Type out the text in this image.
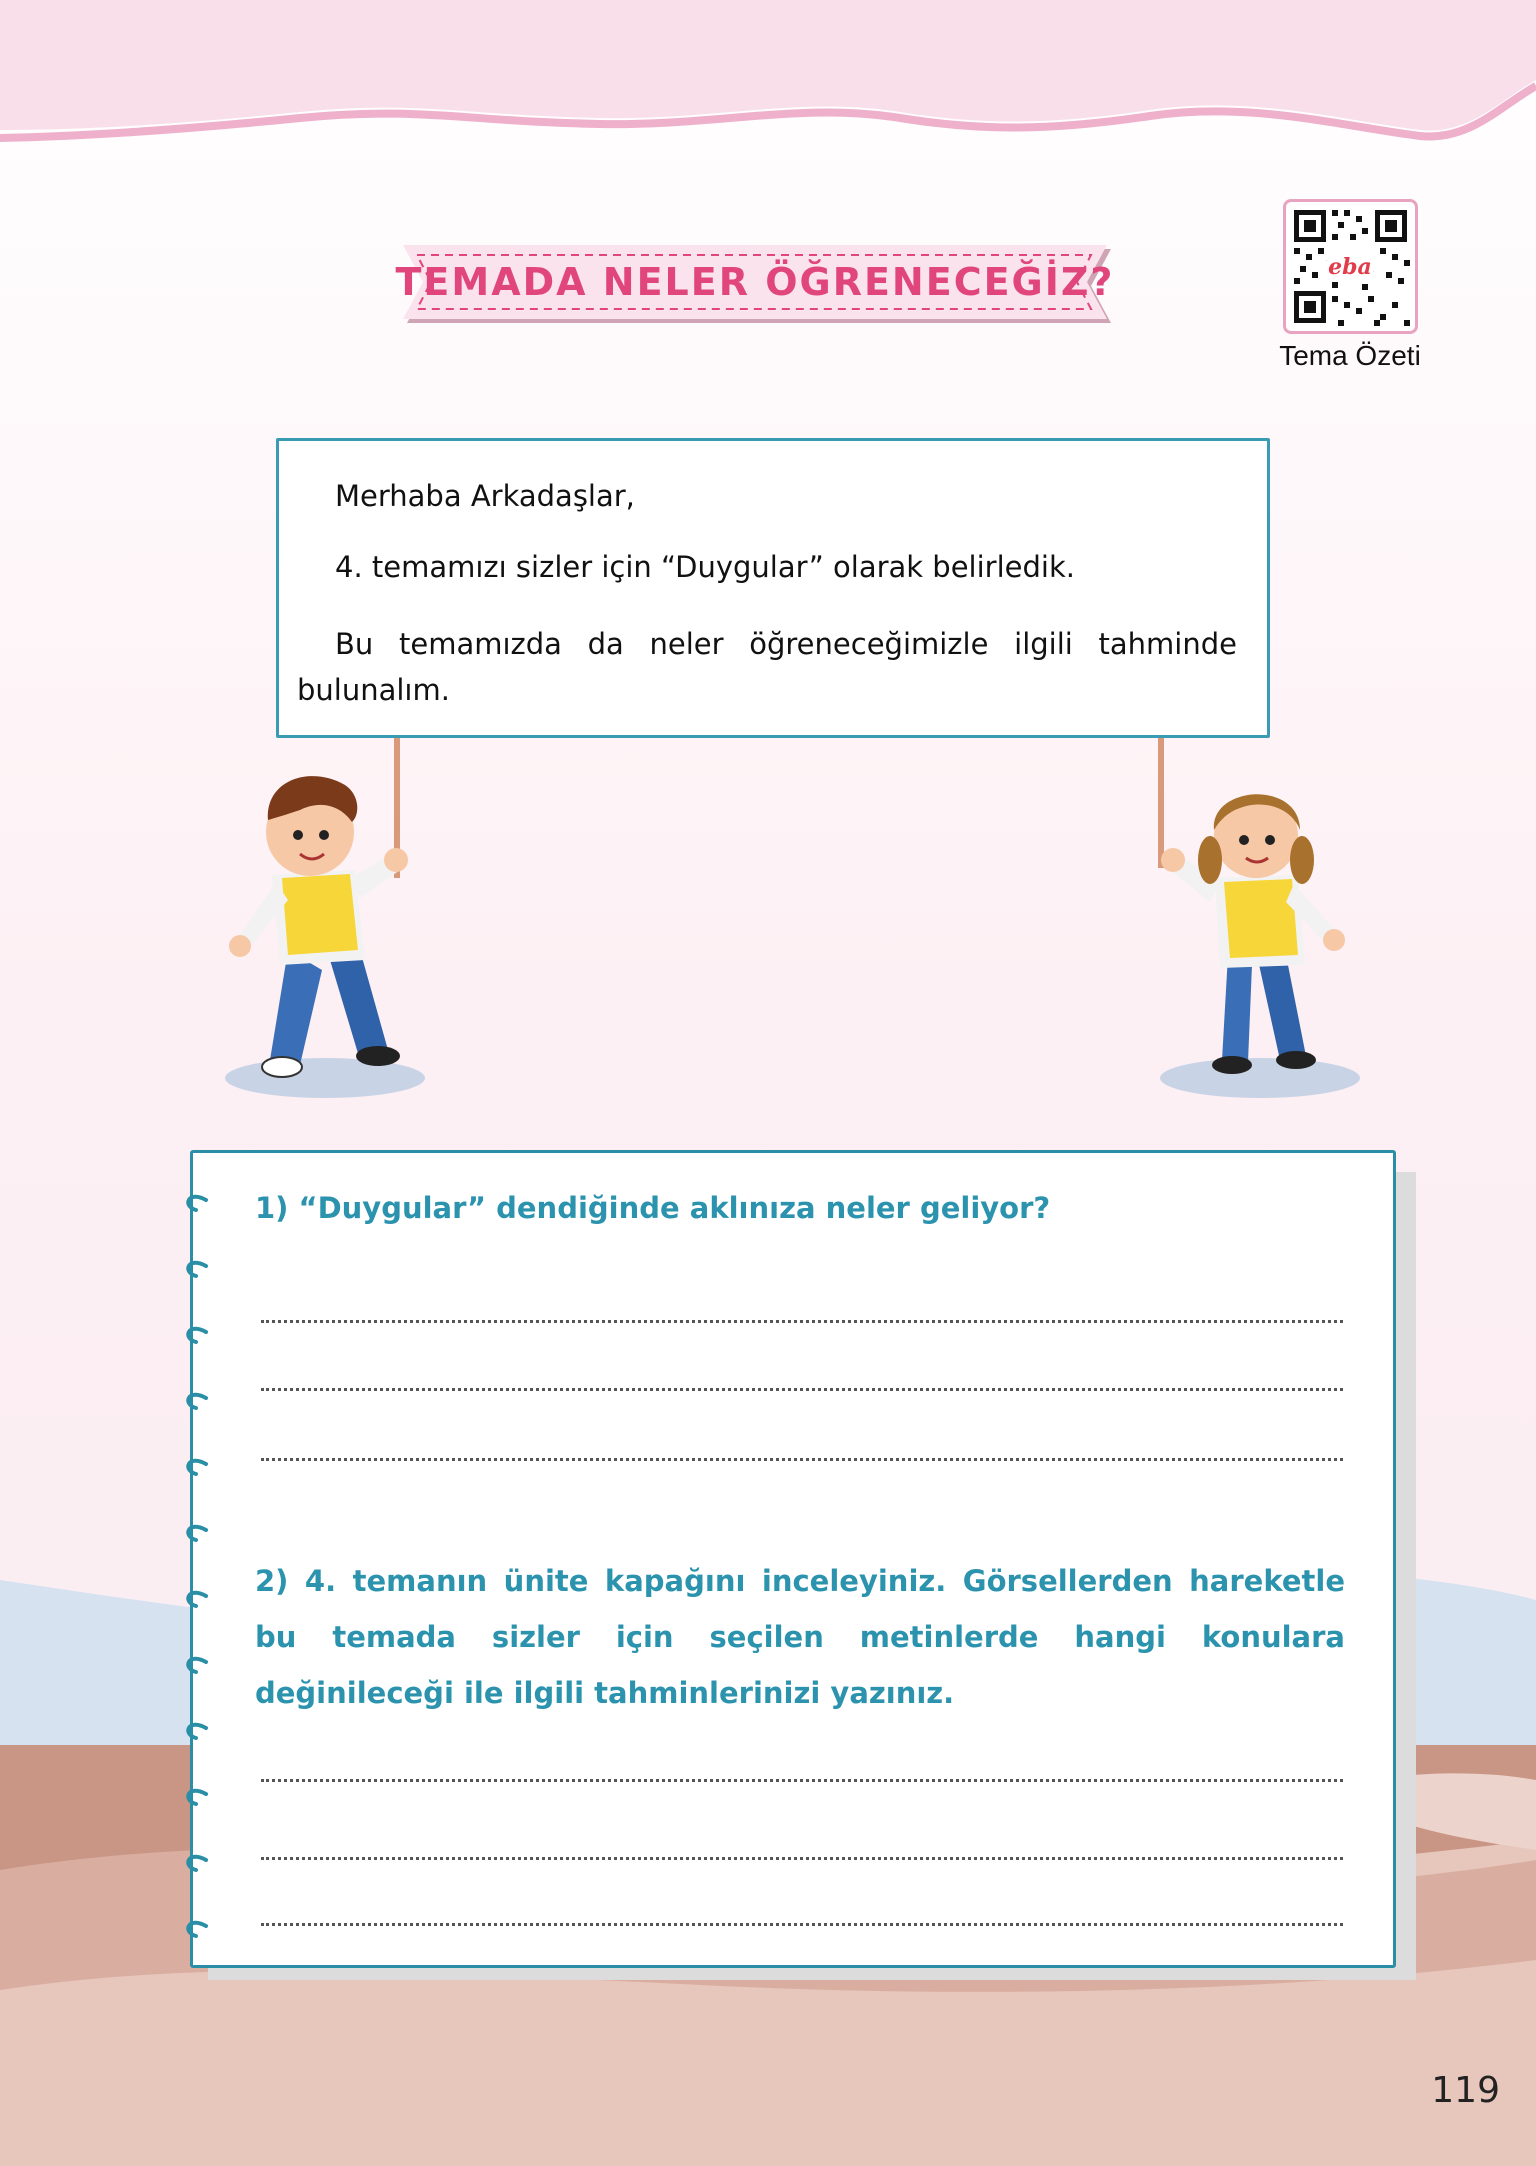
TEMADA NELER ÖĞRENECEĞİZ?	eba
Tema Özeti

Merhaba Arkadaşlar,

4. temamızı sizler için “Duygular” olarak belirledik.

Bu temamızda da neler öğreneceğimizle ilgili tahminde bulunalım.

1) “Duygular” dendiğinde aklınıza neler geliyor?
2) 4. temanın ünite kapağını inceleyiniz. Görsellerden hareketle bu temada sizler için seçilen metinlerde hangi konulara değinileceği ile ilgili tahminlerinizi yazınız.
119
